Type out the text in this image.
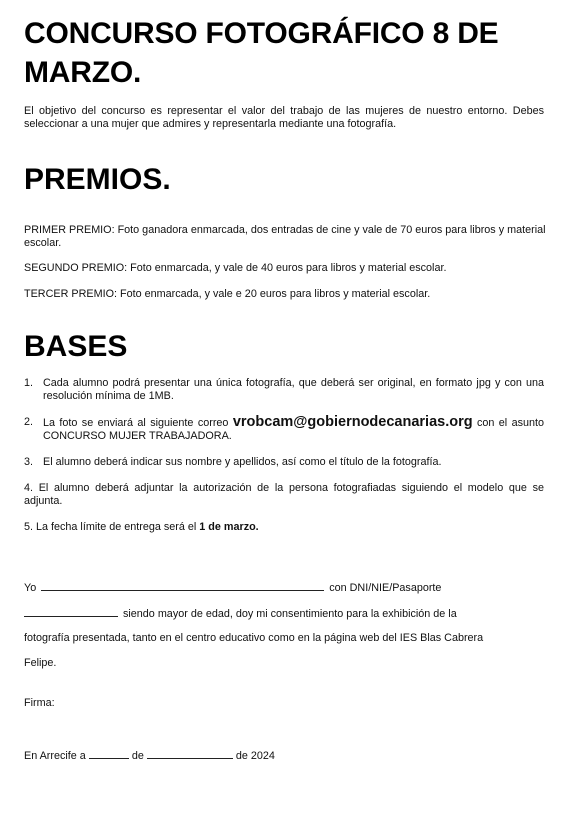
CONCURSO FOTOGRÁFICO 8 DE MARZO.

El objetivo del concurso es representar el valor del trabajo de las mujeres de nuestro entorno. Debes seleccionar a una mujer que admires y representarla mediante una fotografía.

PREMIOS.

PRIMER PREMIO: Foto ganadora enmarcada, dos entradas de cine y vale de 70 euros para libros y material escolar.

SEGUNDO PREMIO: Foto enmarcada, y vale de 40 euros para libros y material escolar.

TERCER PREMIO: Foto enmarcada, y vale e 20 euros para libros y material escolar.

BASES
1. Cada alumno podrá presentar una única fotografía, que deberá ser original, en formato jpg y con una resolución mínima de 1MB.
2. La foto se enviará al siguiente correo vrobcam@gobiernodecanarias.org con el asunto CONCURSO MUJER TRABAJADORA.
3. El alumno deberá indicar sus nombre y apellidos, así como el título de la fotografía.
4. El alumno deberá adjuntar la autorización de la persona fotografiadas siguiendo el modelo que se adjunta.
5. La fecha límite de entrega será el 1 de marzo.
Yo	con DNI/NIE/Pasaporte
siendo mayor de edad, doy mi consentimiento para la exhibición de la
fotografía presentada, tanto en el centro educativo como en la página web del IES Blas Cabrera
Felipe.
Firma:
En Arrecife a	de	de 2024
